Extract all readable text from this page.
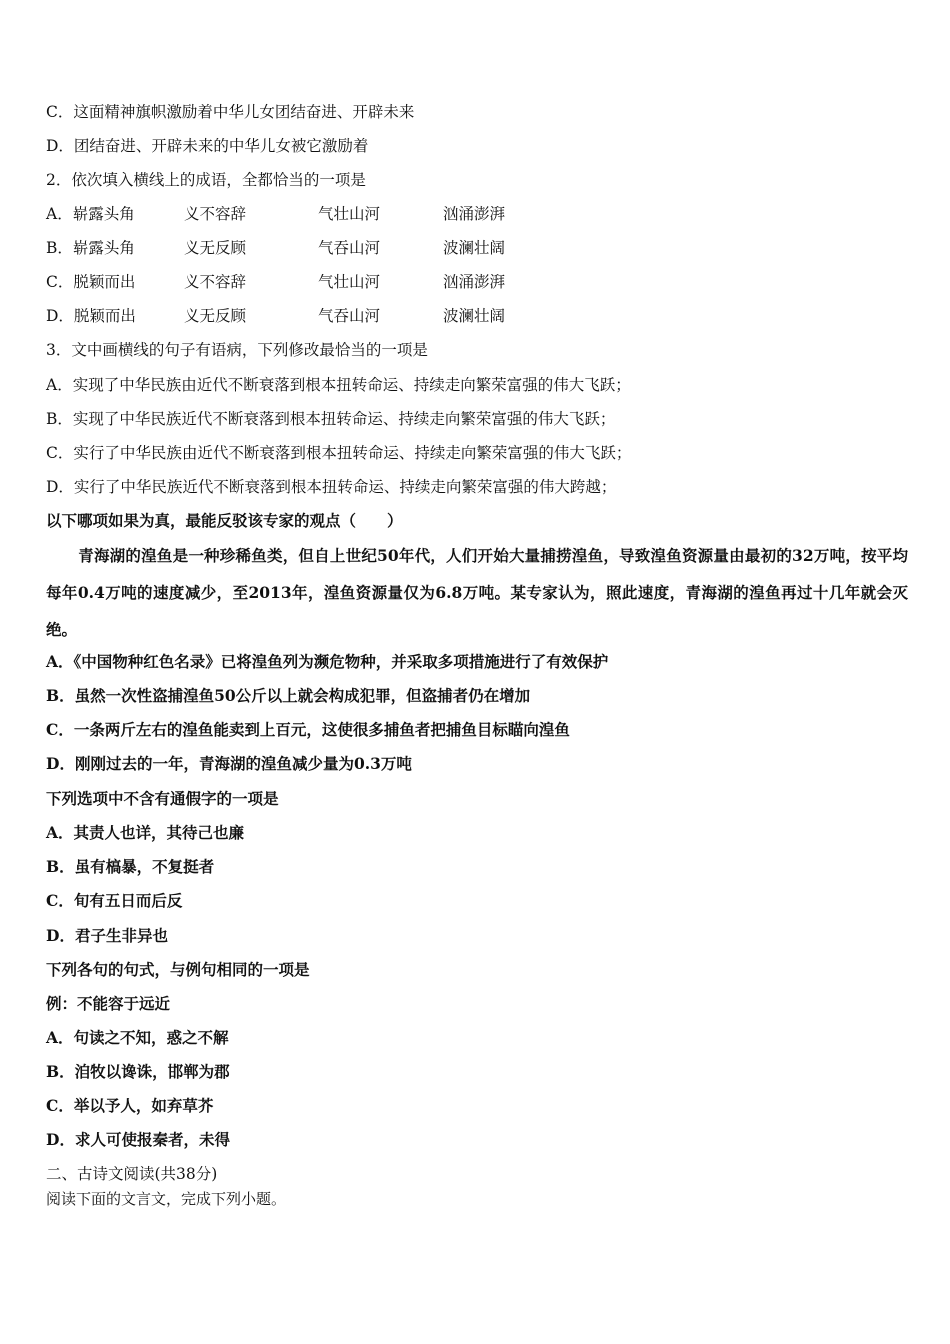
C．这面精神旗帜激励着中华儿女团结奋进、开辟未来
D．团结奋进、开辟未来的中华儿女被它激励着
2．依次填入横线上的成语，全都恰当的一项是
A．崭露头角	义不容辞	气壮山河	汹涌澎湃
B．崭露头角	义无反顾	气吞山河	波澜壮阔
C．脱颖而出	义不容辞	气壮山河	汹涌澎湃
D．脱颖而出	义无反顾	气吞山河	波澜壮阔
3．文中画横线的句子有语病，下列修改最恰当的一项是
A．实现了中华民族由近代不断衰落到根本扭转命运、持续走向繁荣富强的伟大飞跃；
B．实现了中华民族近代不断衰落到根本扭转命运、持续走向繁荣富强的伟大飞跃；
C．实行了中华民族由近代不断衰落到根本扭转命运、持续走向繁荣富强的伟大飞跃；
D．实行了中华民族近代不断衰落到根本扭转命运、持续走向繁荣富强的伟大跨越；
以下哪项如果为真，最能反驳该专家的观点（　　）
青海湖的湟鱼是一种珍稀鱼类，但自上世纪50年代，人们开始大量捕捞湟鱼，导致湟鱼资源量由最初的32万吨，按平均每年0.4万吨的速度减少，至2013年，湟鱼资源量仅为6.8万吨。某专家认为，照此速度，青海湖的湟鱼再过十几年就会灭绝。
A．《中国物种红色名录》已将湟鱼列为濒危物种，并采取多项措施进行了有效保护
B．虽然一次性盗捕湟鱼50公斤以上就会构成犯罪，但盗捕者仍在增加
C．一条两斤左右的湟鱼能卖到上百元，这使很多捕鱼者把捕鱼目标瞄向湟鱼
D．刚刚过去的一年，青海湖的湟鱼减少量为0.3万吨
下列选项中不含有通假字的一项是
A．其责人也详，其待己也廉
B．虽有槁暴，不复挺者
C．旬有五日而后反
D．君子生非异也
下列各句的句式，与例句相同的一项是
例：不能容于远近
A．句读之不知，惑之不解
B．洎牧以谗诛，邯郸为郡
C．举以予人，如弃草芥
D．求人可使报秦者，未得
二、古诗文阅读(共38分)
阅读下面的文言文，完成下列小题。
